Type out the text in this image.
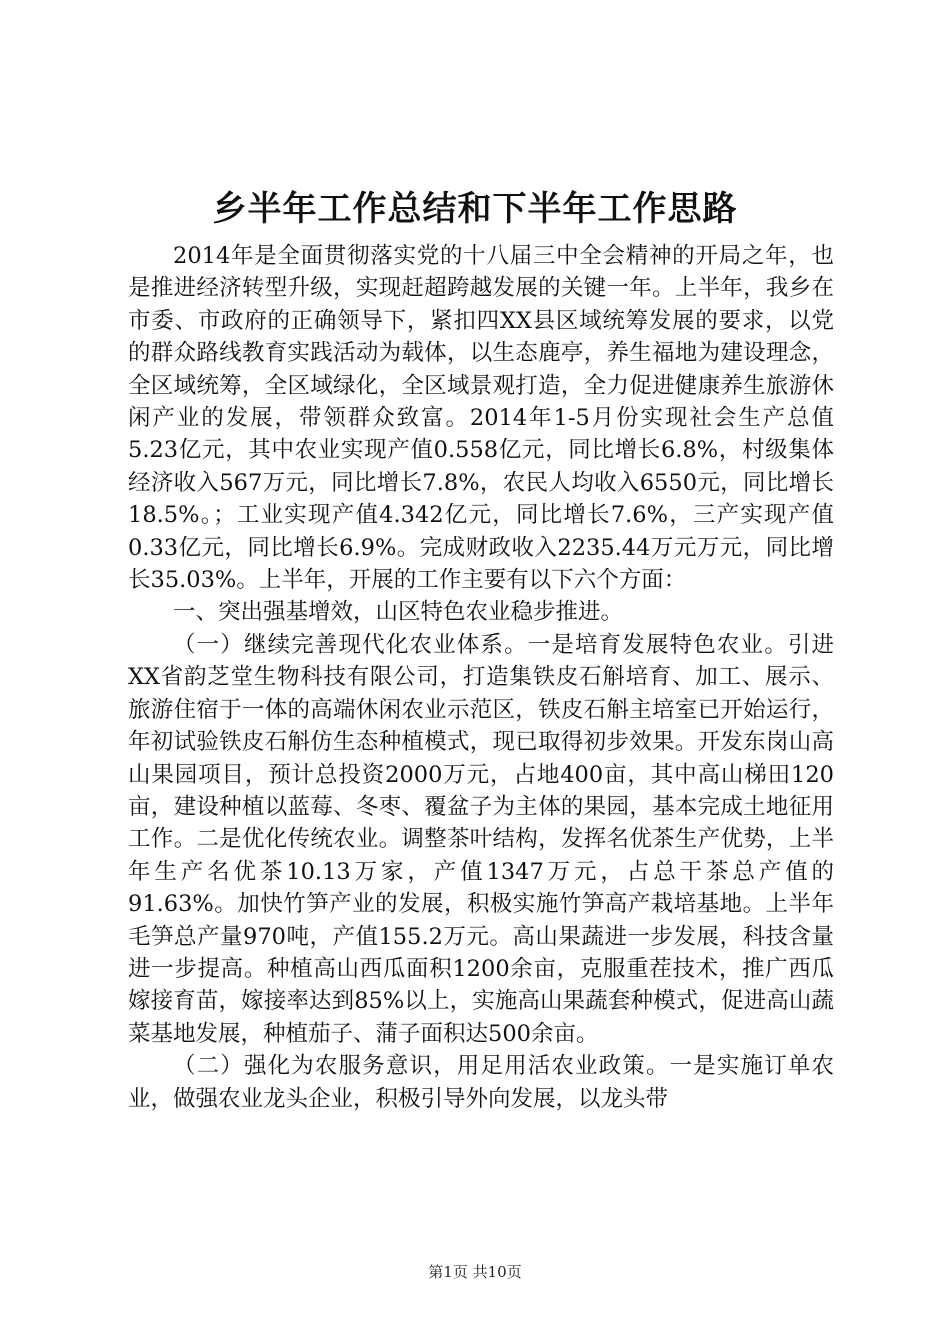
乡半年工作总结和下半年工作思路

2014年是全面贯彻落实党的十八届三中全会精神的开局之年，也是推进经济转型升级，实现赶超跨越发展的关键一年。上半年，我乡在市委、市政府的正确领导下，紧扣四XX县区域统筹发展的要求，以党的群众路线教育实践活动为载体，以生态鹿亭，养生福地为建设理念，全区域统筹，全区域绿化，全区域景观打造，全力促进健康养生旅游休闲产业的发展，带领群众致富。2014年1-5月份实现社会生产总值5.23亿元，其中农业实现产值0.558亿元，同比增长6.8%，村级集体经济收入567万元，同比增长7.8%，农民人均收入6550元，同比增长18.5%。；工业实现产值4.342亿元，同比增长7.6%，三产实现产值0.33亿元，同比增长6.9%。完成财政收入2235.44万元万元，同比增长35.03%。上半年，开展的工作主要有以下六个方面：

一、突出强基增效，山区特色农业稳步推进。

（一）继续完善现代化农业体系。一是培育发展特色农业。引进XX省韵芝堂生物科技有限公司，打造集铁皮石斛培育、加工、展示、旅游住宿于一体的高端休闲农业示范区，铁皮石斛主培室已开始运行，年初试验铁皮石斛仿生态种植模式，现已取得初步效果。开发东岗山高山果园项目，预计总投资2000万元，占地400亩，其中高山梯田120亩，建设种植以蓝莓、冬枣、覆盆子为主体的果园，基本完成土地征用工作。二是优化传统农业。调整茶叶结构，发挥名优茶生产优势，上半年生产名优茶10.13万家，产值1347万元，占总干茶总产值的91.63%。加快竹笋产业的发展，积极实施竹笋高产栽培基地。上半年毛笋总产量970吨，产值155.2万元。高山果蔬进一步发展，科技含量进一步提高。种植高山西瓜面积1200余亩，克服重茬技术，推广西瓜嫁接育苗，嫁接率达到85%以上，实施高山果蔬套种模式，促进高山蔬菜基地发展，种植茄子、蒲子面积达500余亩。

（二）强化为农服务意识，用足用活农业政策。一是实施订单农业，做强农业龙头企业，积极引导外向发展，以龙头带

第1页 共10页
